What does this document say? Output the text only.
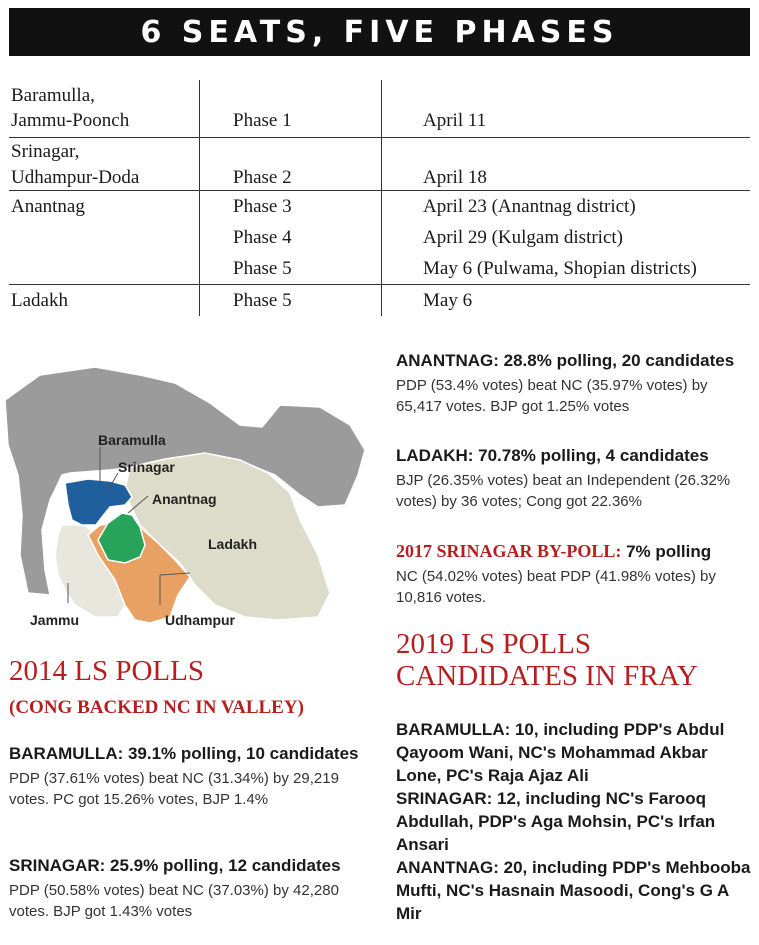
6 SEATS, FIVE PHASES
Baramulla,
Jammu-Poonch	Phase 1	April 11
Srinagar,
Udhampur-Doda	Phase 2	April 18
Anantnag	Phase 3	April 23 (Anantnag district)
Phase 4	April 29 (Kulgam district)
Phase 5	May 6 (Pulwama, Shopian districts)
Ladakh	Phase 5	May 6
Baramulla
Srinagar
Anantnag
Ladakh
Jammu	Udhampur
2014 LS POLLS
(CONG BACKED NC IN VALLEY)
BARAMULLA: 39.1% polling, 10 candidates
PDP (37.61% votes) beat NC (31.34%) by 29,219 votes. PC got 15.26% votes, BJP 1.4%
SRINAGAR: 25.9% polling, 12 candidates
PDP (50.58% votes) beat NC (37.03%) by 42,280 votes. BJP got 1.43% votes
ANANTNAG: 28.8% polling, 20 candidates
PDP (53.4% votes) beat NC (35.97% votes) by 65,417 votes. BJP got 1.25% votes
LADAKH: 70.78% polling, 4 candidates
BJP (26.35% votes) beat an Independent (26.32% votes) by 36 votes; Cong got 22.36%
2017 SRINAGAR BY-POLL: 7% polling
NC (54.02% votes) beat PDP (41.98% votes) by 10,816 votes.
2019 LS POLLS
CANDIDATES IN FRAY
BARAMULLA: 10, including PDP's Abdul Qayoom Wani, NC's Mohammad Akbar Lone, PC's Raja Ajaz Ali
SRINAGAR: 12, including NC's Farooq Abdullah, PDP's Aga Mohsin, PC's Irfan Ansari
ANANTNAG: 20, including PDP's Mehbooba Mufti, NC's Hasnain Masoodi, Cong's G A Mir
